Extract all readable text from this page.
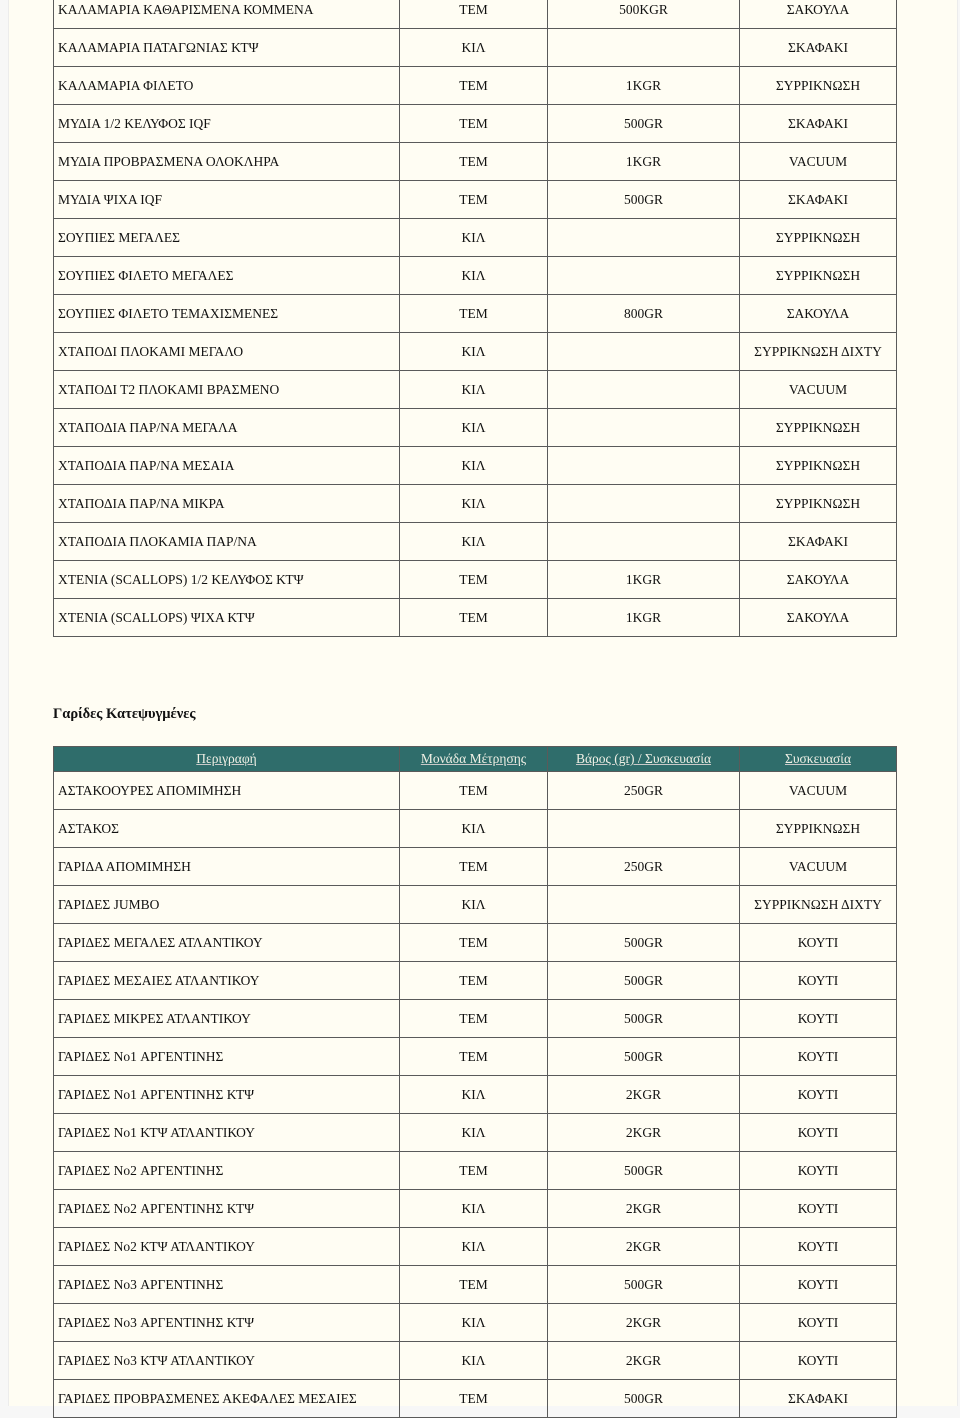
ΚΑΛΑΜΑΡΙΑ ΚΑΘΑΡΙΣΜΕΝΑ ΚΟΜΜΕΝΑ	ΤΕΜ	500KGR	ΣΑΚΟΥΛΑ
ΚΑΛΑΜΑΡΙΑ ΠΑΤΑΓΩΝΙΑΣ ΚΤΨ	ΚΙΛ		ΣΚΑΦΑΚΙ
ΚΑΛΑΜΑΡΙΑ ΦΙΛΕΤΟ	ΤΕΜ	1KGR	ΣΥΡΡΙΚΝΩΣΗ
ΜΥΔΙΑ 1/2 ΚΕΛΥΦΟΣ IQF	ΤΕΜ	500GR	ΣΚΑΦΑΚΙ
ΜΥΔΙΑ ΠΡΟΒΡΑΣΜΕΝΑ ΟΛΟΚΛΗΡΑ	ΤΕΜ	1KGR	VACUUM
ΜΥΔΙΑ ΨΙΧΑ IQF	ΤΕΜ	500GR	ΣΚΑΦΑΚΙ
ΣΟΥΠΙΕΣ ΜΕΓΑΛΕΣ	ΚΙΛ		ΣΥΡΡΙΚΝΩΣΗ
ΣΟΥΠΙΕΣ ΦΙΛΕΤΟ ΜΕΓΑΛΕΣ	ΚΙΛ		ΣΥΡΡΙΚΝΩΣΗ
ΣΟΥΠΙΕΣ ΦΙΛΕΤΟ ΤΕΜΑΧΙΣΜΕΝΕΣ	ΤΕΜ	800GR	ΣΑΚΟΥΛΑ
ΧΤΑΠΟΔΙ ΠΛΟΚΑΜΙ ΜΕΓΑΛΟ	ΚΙΛ		ΣΥΡΡΙΚΝΩΣΗ ΔΙΧΤΥ
ΧΤΑΠΟΔΙ Τ2 ΠΛΟΚΑΜΙ ΒΡΑΣΜΕΝΟ	ΚΙΛ		VACUUM
ΧΤΑΠΟΔΙΑ ΠΑΡ/ΝΑ ΜΕΓΑΛΑ	ΚΙΛ		ΣΥΡΡΙΚΝΩΣΗ
ΧΤΑΠΟΔΙΑ ΠΑΡ/ΝΑ ΜΕΣΑΙΑ	ΚΙΛ		ΣΥΡΡΙΚΝΩΣΗ
ΧΤΑΠΟΔΙΑ ΠΑΡ/ΝΑ ΜΙΚΡΑ	ΚΙΛ		ΣΥΡΡΙΚΝΩΣΗ
ΧΤΑΠΟΔΙΑ ΠΛΟΚΑΜΙΑ ΠΑΡ/ΝΑ	ΚΙΛ		ΣΚΑΦΑΚΙ
ΧΤΕΝΙΑ (SCALLOPS) 1/2 ΚΕΛΥΦΟΣ ΚΤΨ	ΤΕΜ	1KGR	ΣΑΚΟΥΛΑ
ΧΤΕΝΙΑ (SCALLOPS) ΨΙΧΑ ΚΤΨ	ΤΕΜ	1KGR	ΣΑΚΟΥΛΑ
Γαρίδες Κατεψυγμένες
Περιγραφή	Μονάδα Μέτρησης	Βάρος (gr) / Συσκευασία	Συσκευασία
ΑΣΤΑΚΟΟΥΡΕΣ ΑΠΟΜΙΜΗΣΗ	ΤΕΜ	250GR	VACUUM
ΑΣΤΑΚΟΣ	ΚΙΛ		ΣΥΡΡΙΚΝΩΣΗ
ΓΑΡΙΔΑ ΑΠΟΜΙΜΗΣΗ	ΤΕΜ	250GR	VACUUM
ΓΑΡΙΔΕΣ JUMBO	ΚΙΛ		ΣΥΡΡΙΚΝΩΣΗ ΔΙΧΤΥ
ΓΑΡΙΔΕΣ ΜΕΓΑΛΕΣ ΑΤΛΑΝΤΙΚΟΥ	ΤΕΜ	500GR	ΚΟΥΤΙ
ΓΑΡΙΔΕΣ ΜΕΣΑΙΕΣ ΑΤΛΑΝΤΙΚΟΥ	ΤΕΜ	500GR	ΚΟΥΤΙ
ΓΑΡΙΔΕΣ ΜΙΚΡΕΣ ΑΤΛΑΝΤΙΚΟΥ	ΤΕΜ	500GR	ΚΟΥΤΙ
ΓΑΡΙΔΕΣ No1 ΑΡΓΕΝΤΙΝΗΣ	ΤΕΜ	500GR	ΚΟΥΤΙ
ΓΑΡΙΔΕΣ No1 ΑΡΓΕΝΤΙΝΗΣ ΚΤΨ	ΚΙΛ	2KGR	ΚΟΥΤΙ
ΓΑΡΙΔΕΣ No1 ΚΤΨ ΑΤΛΑΝΤΙΚΟΥ	ΚΙΛ	2KGR	ΚΟΥΤΙ
ΓΑΡΙΔΕΣ No2 ΑΡΓΕΝΤΙΝΗΣ	ΤΕΜ	500GR	ΚΟΥΤΙ
ΓΑΡΙΔΕΣ No2 ΑΡΓΕΝΤΙΝΗΣ ΚΤΨ	ΚΙΛ	2KGR	ΚΟΥΤΙ
ΓΑΡΙΔΕΣ No2 ΚΤΨ ΑΤΛΑΝΤΙΚΟΥ	ΚΙΛ	2KGR	ΚΟΥΤΙ
ΓΑΡΙΔΕΣ No3 ΑΡΓΕΝΤΙΝΗΣ	ΤΕΜ	500GR	ΚΟΥΤΙ
ΓΑΡΙΔΕΣ No3 ΑΡΓΕΝΤΙΝΗΣ ΚΤΨ	ΚΙΛ	2KGR	ΚΟΥΤΙ
ΓΑΡΙΔΕΣ No3 ΚΤΨ ΑΤΛΑΝΤΙΚΟΥ	ΚΙΛ	2KGR	ΚΟΥΤΙ
ΓΑΡΙΔΕΣ ΠΡΟΒΡΑΣΜΕΝΕΣ ΑΚΕΦΑΛΕΣ ΜΕΣΑΙΕΣ	ΤΕΜ	500GR	ΣΚΑΦΑΚΙ
